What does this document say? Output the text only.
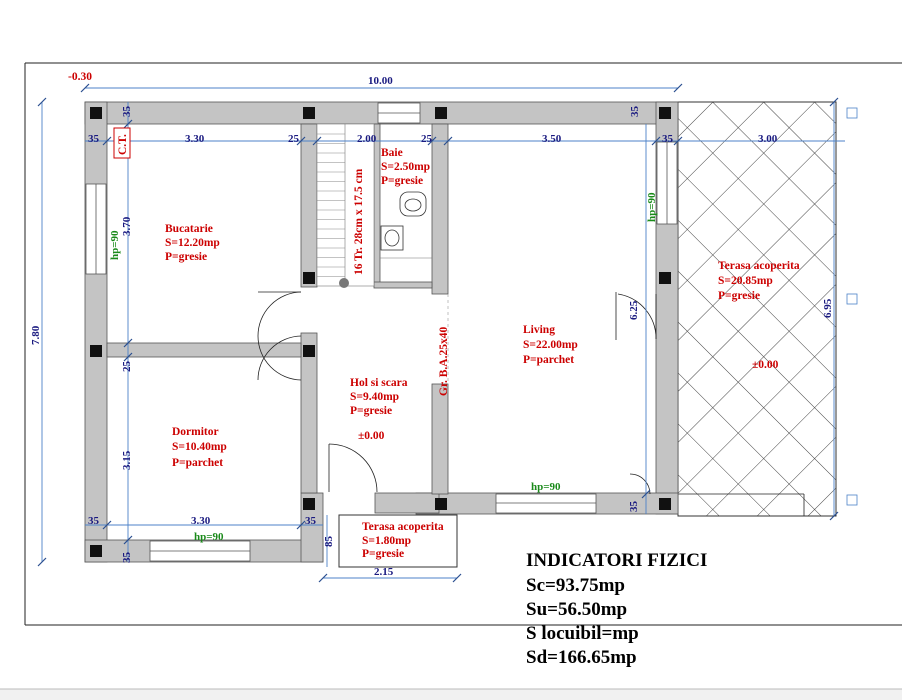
-0.30	10.00
35	35
35	3.30	25	2.00	25	3.50	35	3.00
7.80
3.70
25
3.15
35
35	3.30	35
6.25
35
6.95
2.15
85
hp=90
hp=90
hp=90
hp=90
C.T.
16 Tr. 28cm x 17.5 cm
Gr. B.A.25x40
Bucatarie
S=12.20mp
P=gresie
Baie
S=2.50mp
P=gresie
Living
S=22.00mp
P=parchet
Hol si scara
S=9.40mp
P=gresie
±0.00
Dormitor
S=10.40mp
P=parchet
Terasa acoperita
S=20.85mp
P=gresie
±0.00
Terasa acoperita
S=1.80mp
P=gresie	INDICATORI FIZICI
Sc=93.75mp
Su=56.50mp
S locuibil=mp
Sd=166.65mp
